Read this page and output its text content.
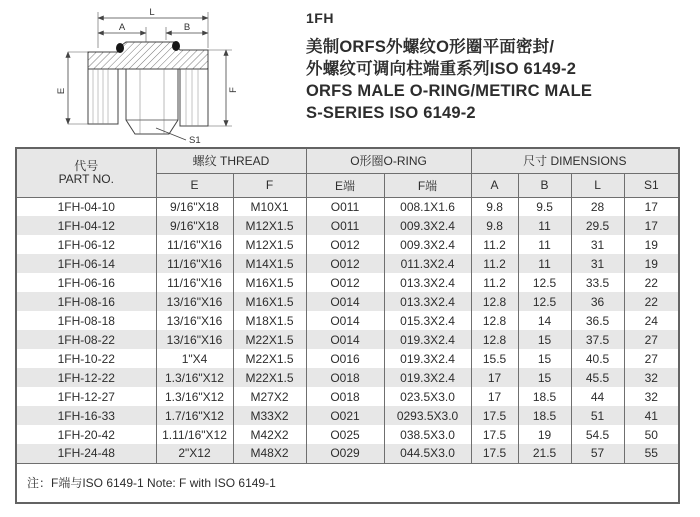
L
A	B
E	F
S1
1FH
美制ORFS外螺纹O形圈平面密封/
外螺纹可调向柱端重系列ISO 6149-2
ORFS MALE O-RING/METIRC MALE
S-SERIES ISO 6149-2
代号
PART NO.	螺纹 THREAD		O形圈O-RING		尺寸 DIMENSIONS			
	E	F	E端	F端	A	B	L	S1
1FH-04-10	9/16"X18	M10X1	O011	008.1X1.6	9.8	9.5	28	17
1FH-04-12	9/16"X18	M12X1.5	O011	009.3X2.4	9.8	11	29.5	17
1FH-06-12	11/16"X16	M12X1.5	O012	009.3X2.4	11.2	11	31	19
1FH-06-14	11/16"X16	M14X1.5	O012	011.3X2.4	11.2	11	31	19
1FH-06-16	11/16"X16	M16X1.5	O012	013.3X2.4	11.2	12.5	33.5	22
1FH-08-16	13/16"X16	M16X1.5	O014	013.3X2.4	12.8	12.5	36	22
1FH-08-18	13/16"X16	M18X1.5	O014	015.3X2.4	12.8	14	36.5	24
1FH-08-22	13/16"X16	M22X1.5	O014	019.3X2.4	12.8	15	37.5	27
1FH-10-22	1"X4	M22X1.5	O016	019.3X2.4	15.5	15	40.5	27
1FH-12-22	1.3/16"X12	M22X1.5	O018	019.3X2.4	17	15	45.5	32
1FH-12-27	1.3/16"X12	M27X2	O018	023.5X3.0	17	18.5	44	32
1FH-16-33	1.7/16"X12	M33X2	O021	0293.5X3.0	17.5	18.5	51	41
1FH-20-42	1.11/16"X12	M42X2	O025	038.5X3.0	17.5	19	54.5	50
1FH-24-48	2"X12	M48X2	O029	044.5X3.0	17.5	21.5	57	55
注：F端与ISO 6149-1 Note: F with ISO 6149-1								
